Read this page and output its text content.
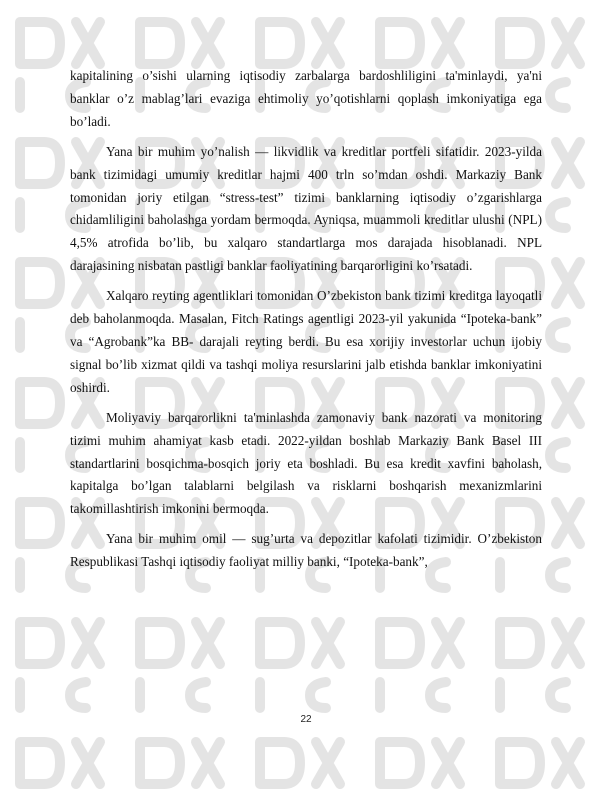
kapitalining o’sishi ularning iqtisodiy zarbalarga bardoshliligini ta'minlaydi, ya'ni banklar o’z mablag’lari evaziga ehtimoliy yo’qotishlarni qoplash imkoniyatiga ega bo’ladi.

Yana bir muhim yo’nalish — likvidlik va kreditlar portfeli sifatidir. 2023-yilda bank tizimidagi umumiy kreditlar hajmi 400 trln so’mdan oshdi. Markaziy Bank tomonidan joriy etilgan “stress-test” tizimi banklarning iqtisodiy o’zgarishlarga chidamliligini baholashga yordam bermoqda. Ayniqsa, muammoli kreditlar ulushi (NPL) 4,5% atrofida bo’lib, bu xalqaro standartlarga mos darajada hisoblanadi. NPL darajasining nisbatan pastligi banklar faoliyatining barqarorligini ko’rsatadi.

Xalqaro reyting agentliklari tomonidan O’zbekiston bank tizimi kreditga layoqatli deb baholanmoqda. Masalan, Fitch Ratings agentligi 2023-yil yakunida “Ipoteka-bank” va “Agrobank”ka BB- darajali reyting berdi. Bu esa xorijiy investorlar uchun ijobiy signal bo’lib xizmat qildi va tashqi moliya resurslarini jalb etishda banklar imkoniyatini oshirdi.

Moliyaviy barqarorlikni ta'minlashda zamonaviy bank nazorati va monitoring tizimi muhim ahamiyat kasb etadi. 2022-yildan boshlab Markaziy Bank Basel III standartlarini bosqichma-bosqich joriy eta boshladi. Bu esa kredit xavfini baholash, kapitalga bo’lgan talablarni belgilash va risklarni boshqarish mexanizmlarini takomillashtirish imkonini bermoqda.

Yana bir muhim omil — sug’urta va depozitlar kafolati tizimidir. O’zbekiston Respublikasi Tashqi iqtisodiy faoliyat milliy banki, “Ipoteka-bank”,

22
